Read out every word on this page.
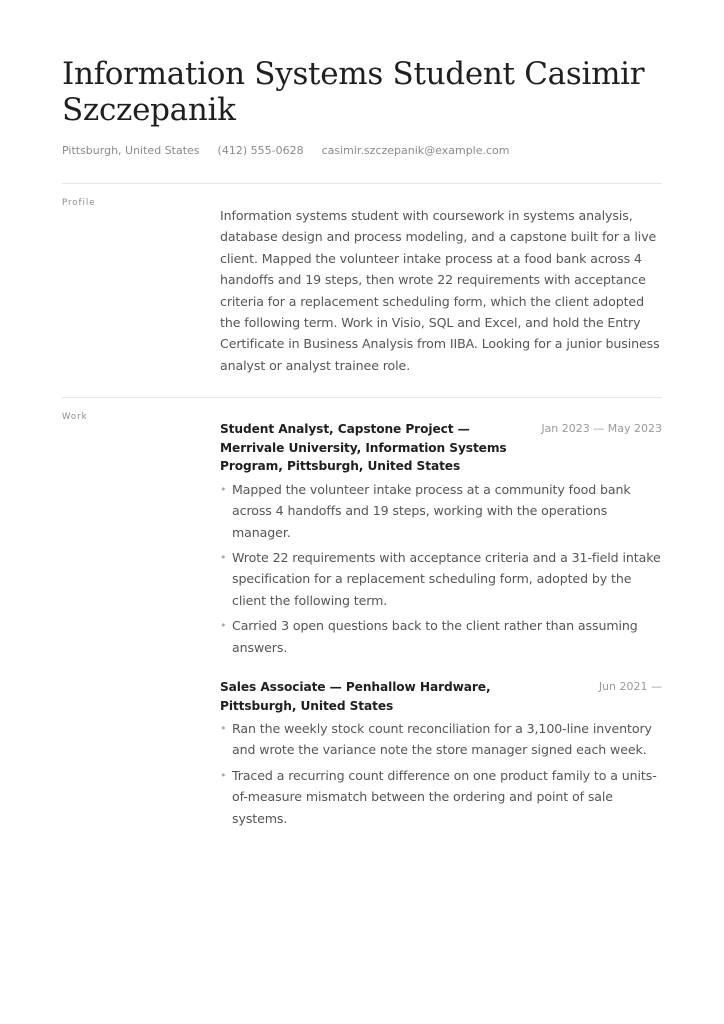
Information Systems Student Casimir Szczepanik
Pittsburgh, United States (412) 555-0628 casimir.szczepanik@example.com
Profile

Information systems student with coursework in systems analysis, database design and process modeling, and a capstone built for a live client. Mapped the volunteer intake process at a food bank across 4 handoffs and 19 steps, then wrote 22 requirements with acceptance criteria for a replacement scheduling form, which the client adopted the following term. Work in Visio, SQL and Excel, and hold the Entry Certificate in Business Analysis from IIBA. Looking for a junior business analyst or analyst trainee role.

Work
Student Analyst, Capstone Project — Merrivale University, Information Systems Program, Pittsburgh, United States
Jan 2023 — May 2023
• Mapped the volunteer intake process at a community food bank across 4 handoffs and 19 steps, working with the operations manager.
• Wrote 22 requirements with acceptance criteria and a 31-field intake specification for a replacement scheduling form, adopted by the client the following term.
• Carried 3 open questions back to the client rather than assuming answers.
Sales Associate — Penhallow Hardware, Pittsburgh, United States
Jun 2021 —
• Ran the weekly stock count reconciliation for a 3,100-line inventory and wrote the variance note the store manager signed each week.
• Traced a recurring count difference on one product family to a units-of-measure mismatch between the ordering and point of sale systems.
